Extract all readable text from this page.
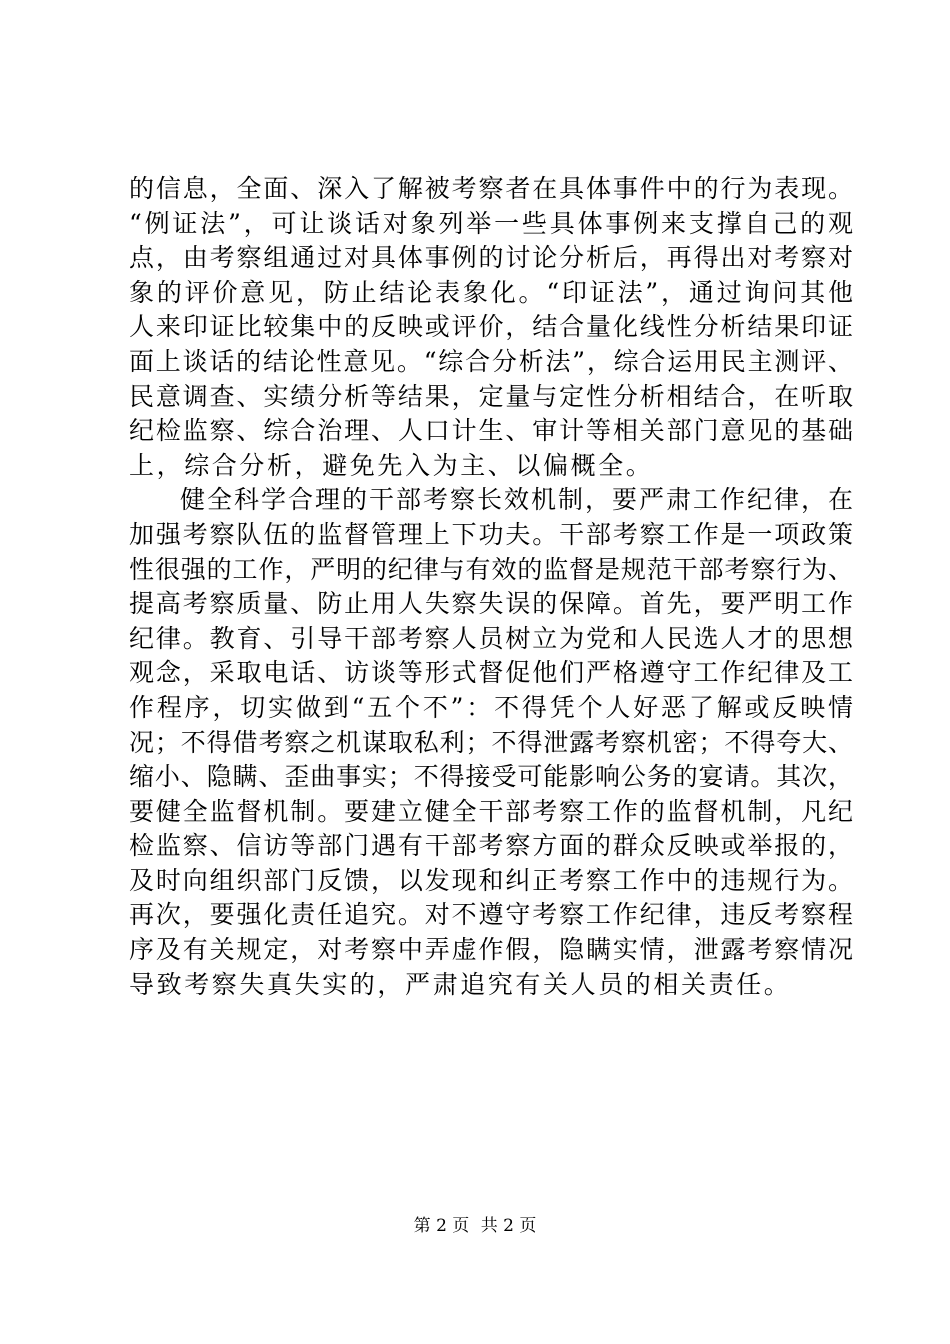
的信息，全面、深入了解被考察者在具体事件中的行为表现。
“例证法”，可让谈话对象列举一些具体事例来支撑自己的观
点，由考察组通过对具体事例的讨论分析后，再得出对考察对
象的评价意见，防止结论表象化。“印证法”，通过询问其他
人来印证比较集中的反映或评价，结合量化线性分析结果印证
面上谈话的结论性意见。“综合分析法”，综合运用民主测评、
民意调查、实绩分析等结果，定量与定性分析相结合，在听取
纪检监察、综合治理、人口计生、审计等相关部门意见的基础
上，综合分析，避免先入为主、以偏概全。
健全科学合理的干部考察长效机制，要严肃工作纪律，在
加强考察队伍的监督管理上下功夫。干部考察工作是一项政策
性很强的工作，严明的纪律与有效的监督是规范干部考察行为、
提高考察质量、防止用人失察失误的保障。首先，要严明工作
纪律。教育、引导干部考察人员树立为党和人民选人才的思想
观念，采取电话、访谈等形式督促他们严格遵守工作纪律及工
作程序，切实做到“五个不”：不得凭个人好恶了解或反映情
况；不得借考察之机谋取私利；不得泄露考察机密；不得夸大、
缩小、隐瞒、歪曲事实；不得接受可能影响公务的宴请。其次，
要健全监督机制。要建立健全干部考察工作的监督机制，凡纪
检监察、信访等部门遇有干部考察方面的群众反映或举报的，
及时向组织部门反馈，以发现和纠正考察工作中的违规行为。
再次，要强化责任追究。对不遵守考察工作纪律，违反考察程
序及有关规定，对考察中弄虚作假，隐瞒实情，泄露考察情况
导致考察失真失实的，严肃追究有关人员的相关责任。
第 2 页 共 2 页
